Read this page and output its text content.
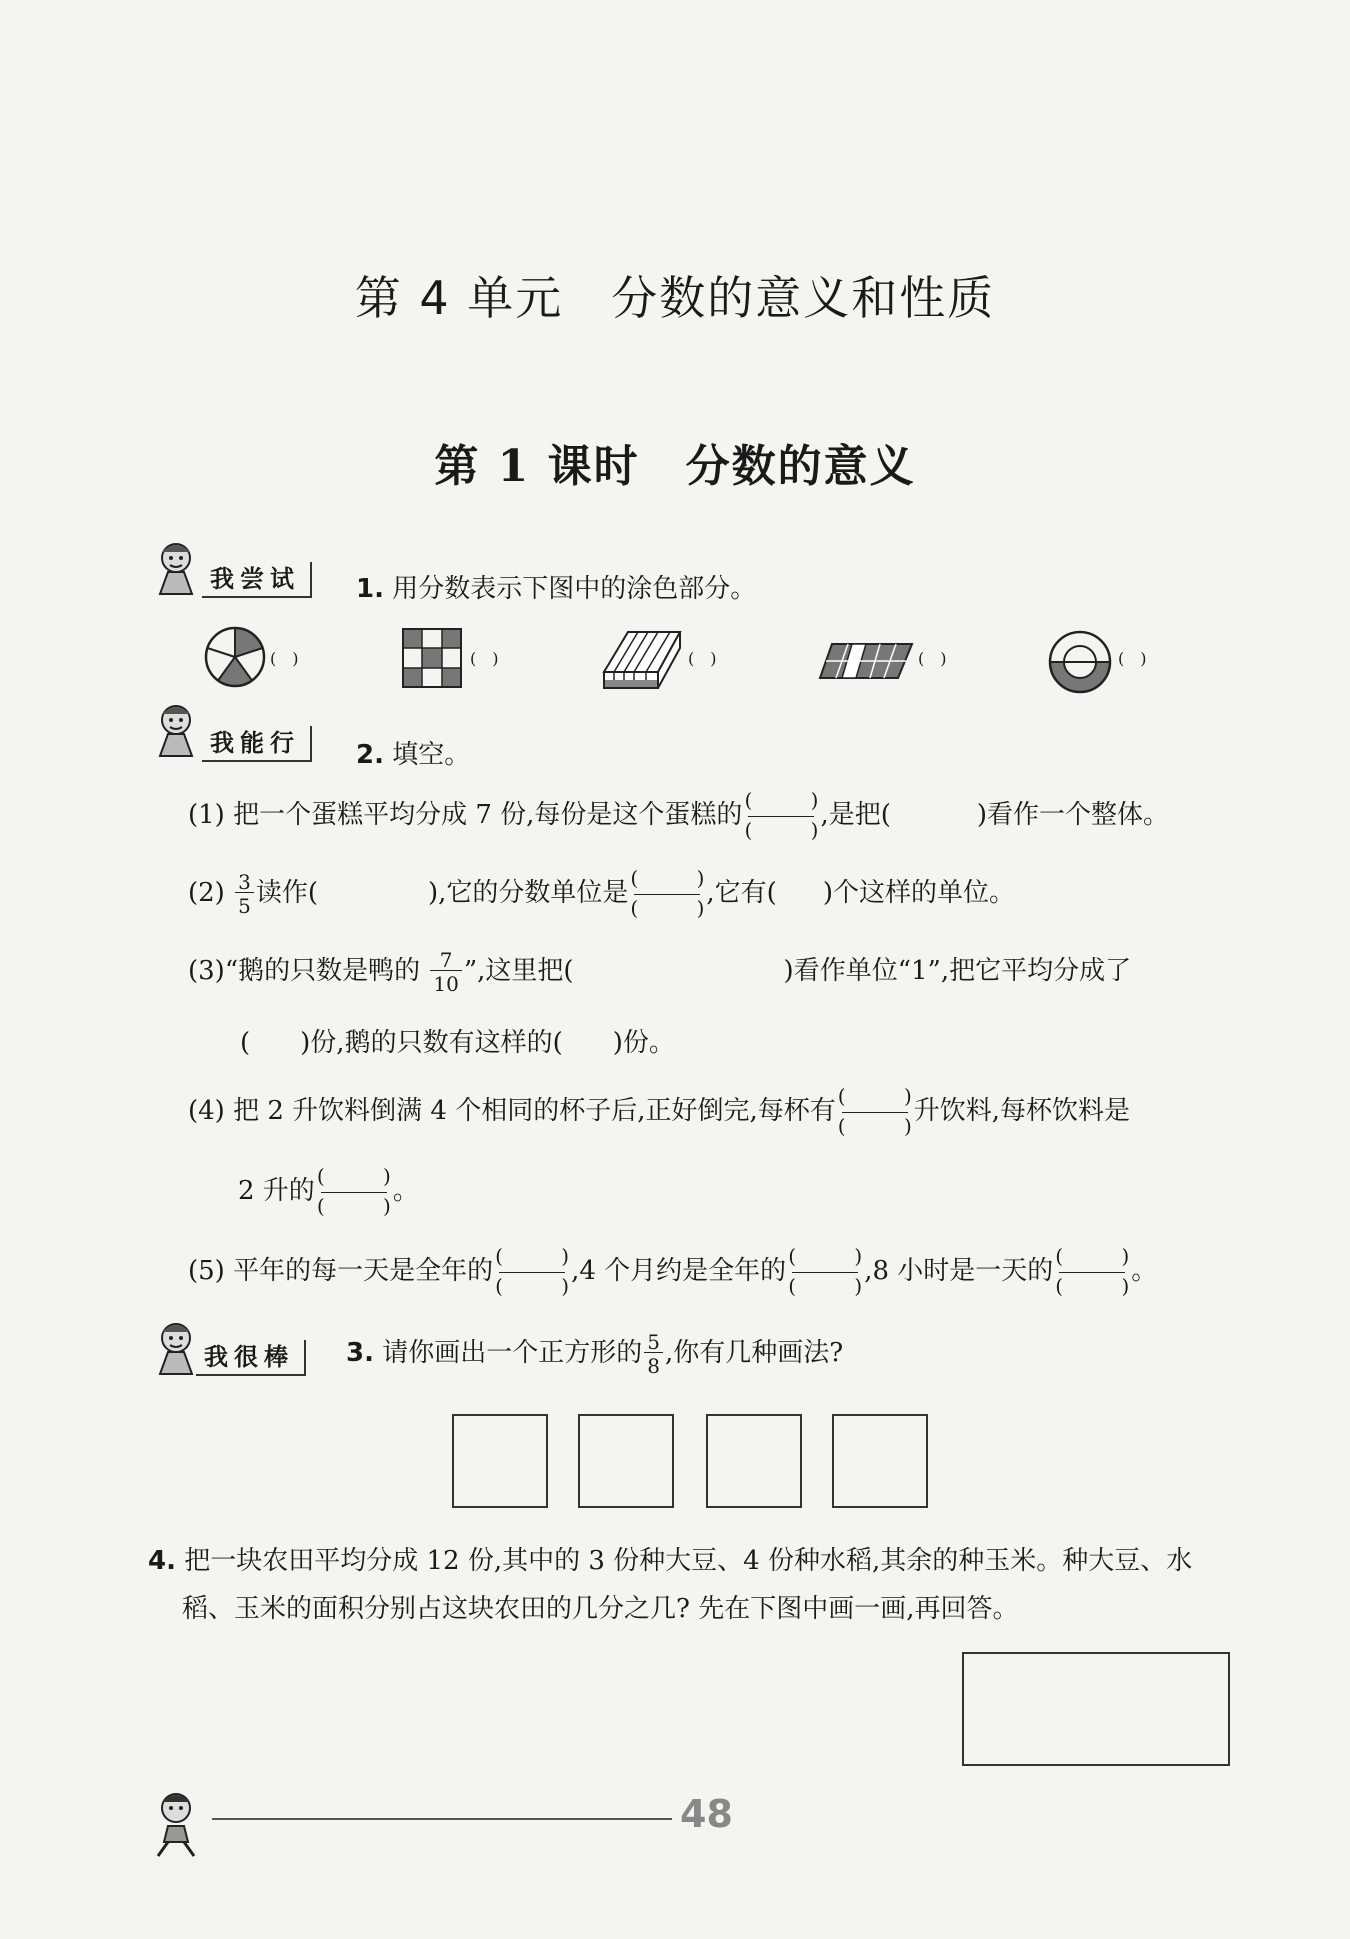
第 4 单元　分数的意义和性质
第 1 课时　分数的意义
我尝试	1. 用分数表示下图中的涂色部分。
(　)	(　)	(　)	(　)	(　)
我能行	2. 填空。
(1) 把一个蛋糕平均分成 7 份,每份是这个蛋糕的 (	)
(	) ,是把(	)看作一个整体。
$(2) \frac{3}{5}$ 读作(	),它的分数单位是 (	)
(	) ,它有( )个这样的单位。
(3)“鹅的只数是鸭的 $\frac{7}{10}$ ”,这里把(	)看作单位“1”,把它平均分成了
( )份,鹅的只数有这样的( )份。
(4) 把 2 升饮料倒满 4 个相同的杯子后,正好倒完,每杯有 (	)
(	) 升饮料,每杯饮料是
2 升的 (	)
(	) 。
(5) 平年的每一天是全年的 (	)
(	) ,4 个月约是全年的 (	)
(	) ,8 小时是一天的 (	)
(	) 。
我很棒	3. 请你画出一个正方形的 $\frac{5}{8}$ ,你有几种画法?
4. 把一块农田平均分成 12 份,其中的 3 份种大豆、4 份种水稻,其余的种玉米。种大豆、水
稻、玉米的面积分别占这块农田的几分之几? 先在下图中画一画,再回答。
48
